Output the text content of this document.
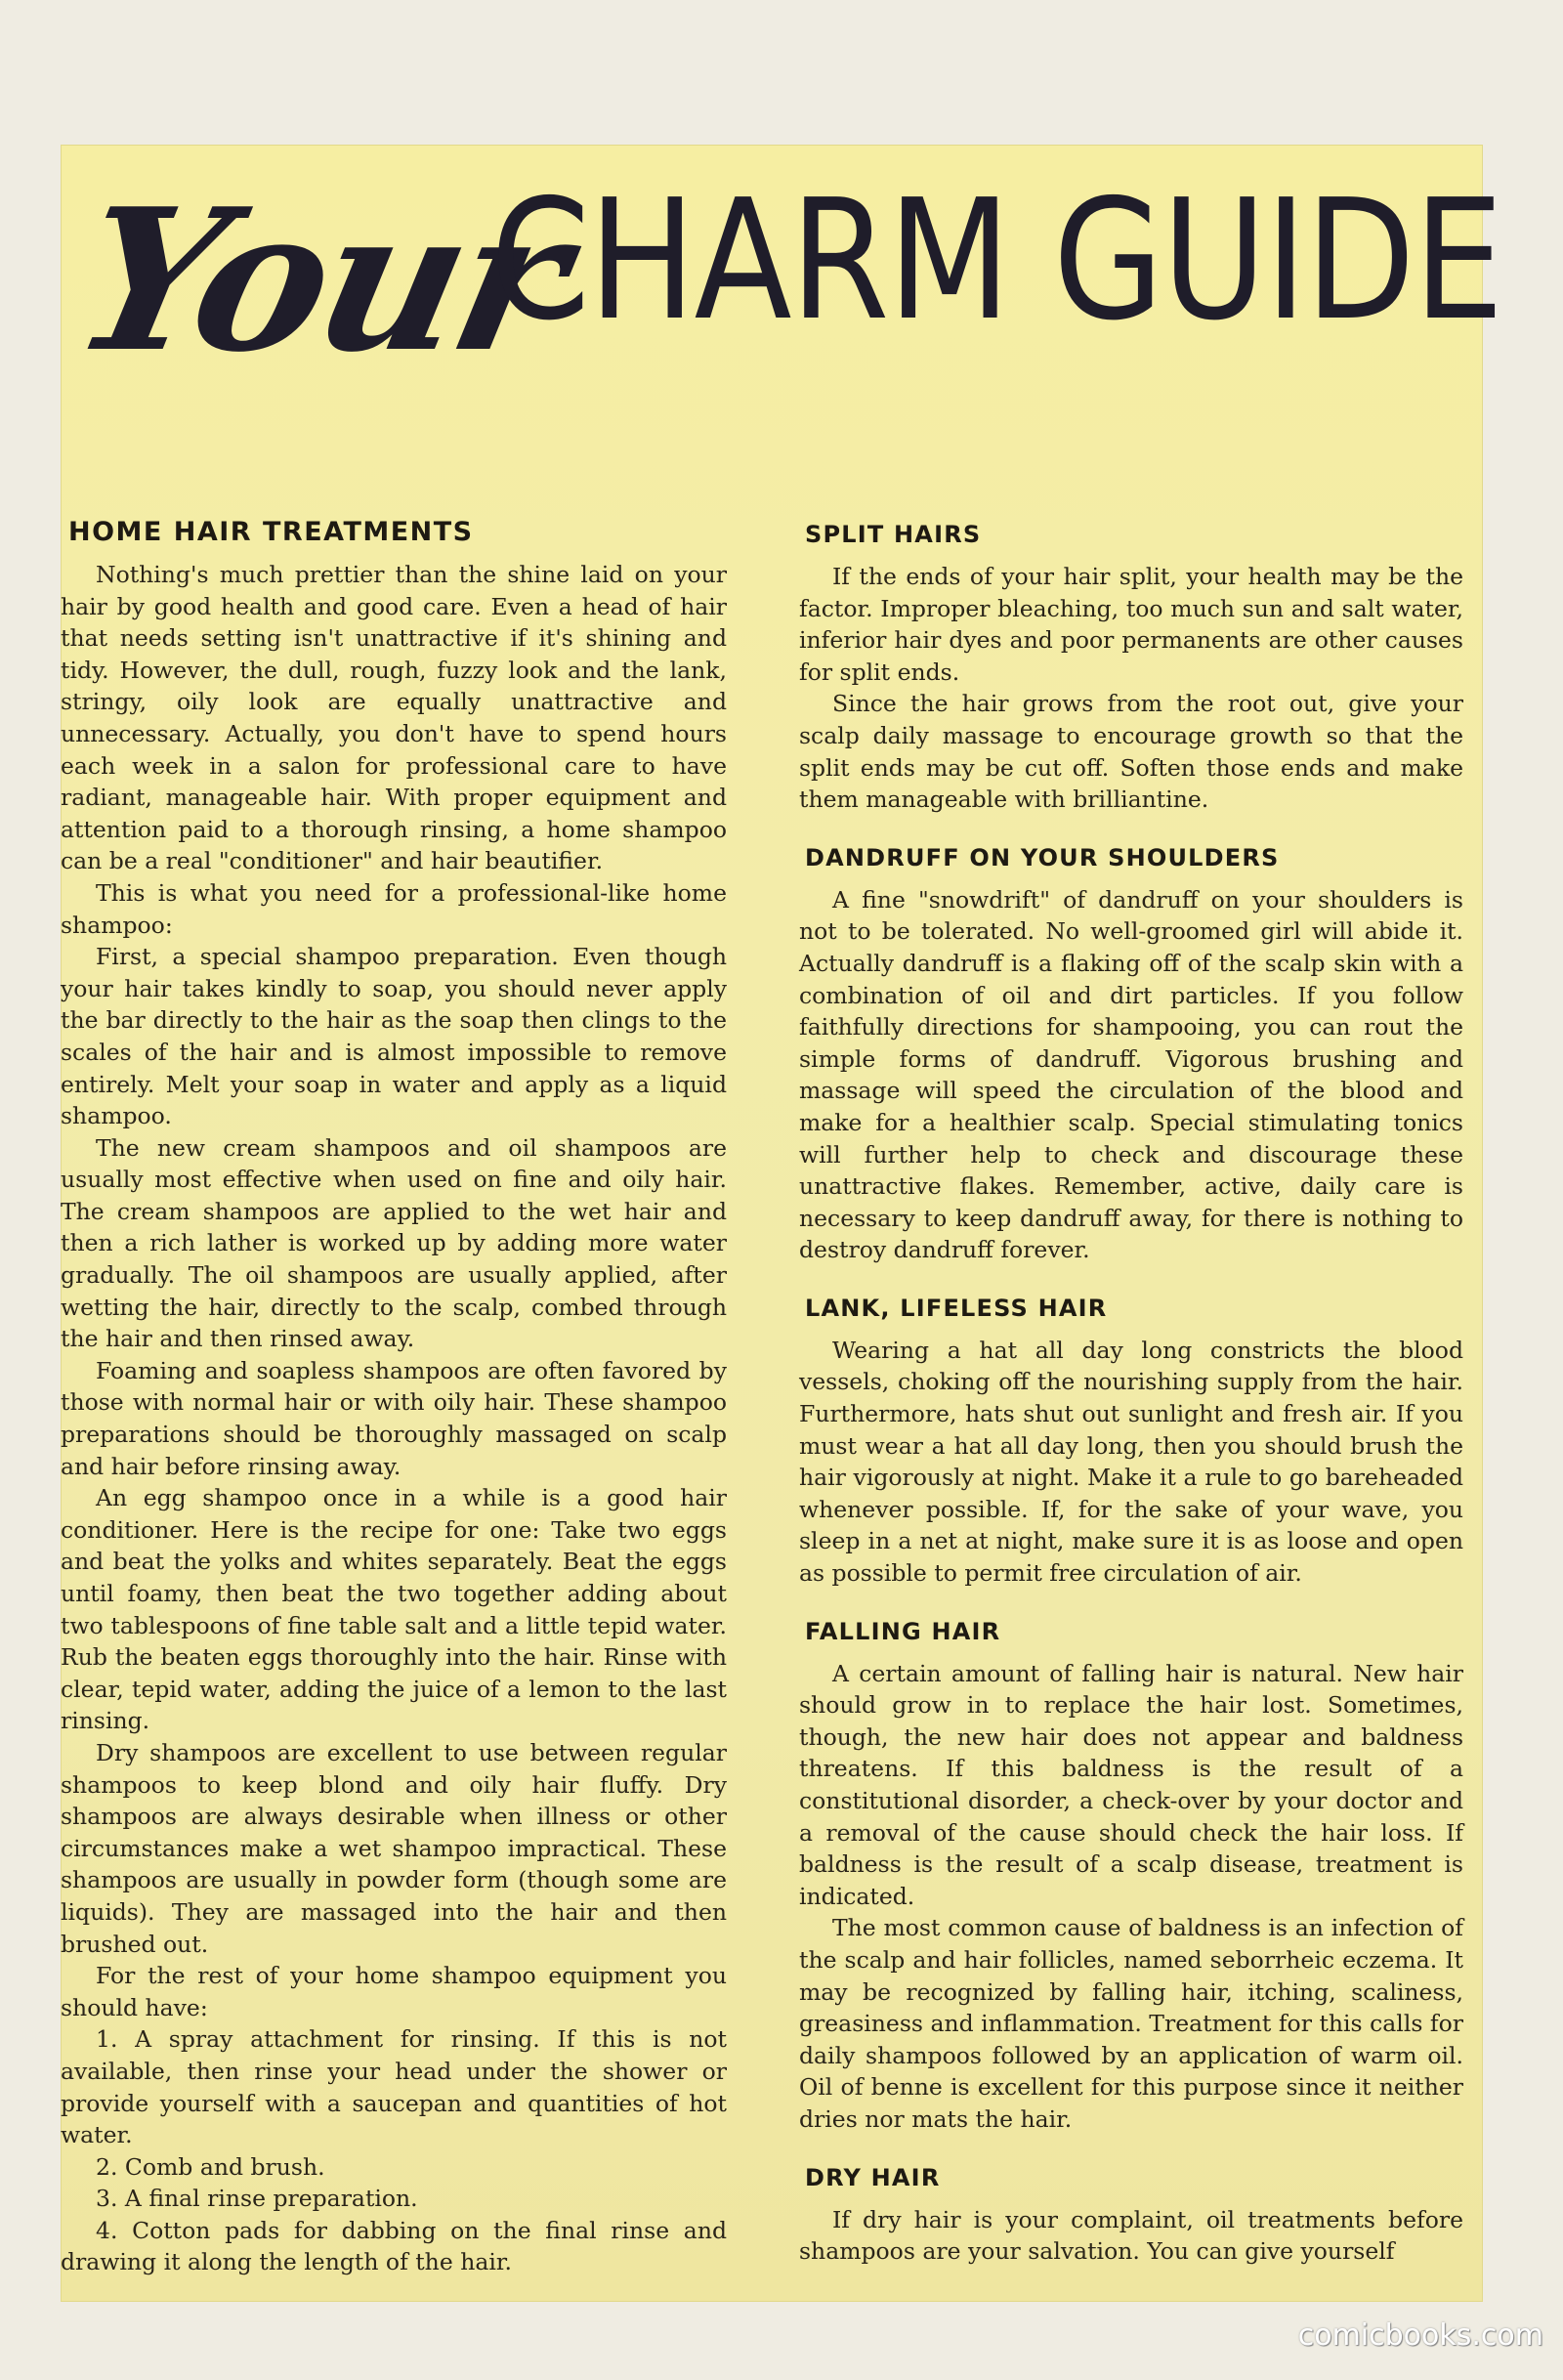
Your
CHARM GUIDE
HOME HAIR TREATMENTS

Nothing's much prettier than the shine laid on your hair by good health and good care. Even a head of hair that needs setting isn't unattractive if it's shining and tidy. However, the dull, rough, fuzzy look and the lank, stringy, oily look are equally unattractive and unnecessary. Actually, you don't have to spend hours each week in a salon for professional care to have radiant, manageable hair. With proper equipment and attention paid to a thorough rinsing, a home shampoo can be a real "conditioner" and hair beautifier.

This is what you need for a professional-like home shampoo:

First, a special shampoo preparation. Even though your hair takes kindly to soap, you should never apply the bar directly to the hair as the soap then clings to the scales of the hair and is almost impossible to remove entirely. Melt your soap in water and apply as a liquid shampoo.

The new cream shampoos and oil shampoos are usually most effective when used on fine and oily hair. The cream shampoos are applied to the wet hair and then a rich lather is worked up by adding more water gradually. The oil shampoos are usually applied, after wetting the hair, directly to the scalp, combed through the hair and then rinsed away.

Foaming and soapless shampoos are often favored by those with normal hair or with oily hair. These shampoo preparations should be thoroughly massaged on scalp and hair before rinsing away.

An egg shampoo once in a while is a good hair conditioner. Here is the recipe for one: Take two eggs and beat the yolks and whites separately. Beat the eggs until foamy, then beat the two together adding about two tablespoons of fine table salt and a little tepid water. Rub the beaten eggs thoroughly into the hair. Rinse with clear, tepid water, adding the juice of a lemon to the last rinsing.

Dry shampoos are excellent to use between regular shampoos to keep blond and oily hair fluffy. Dry shampoos are always desirable when illness or other circumstances make a wet shampoo impractical. These shampoos are usually in powder form (though some are liquids). They are massaged into the hair and then brushed out.

For the rest of your home shampoo equipment you should have:

1. A spray attachment for rinsing. If this is not available, then rinse your head under the shower or provide yourself with a saucepan and quantities of hot water.

2. Comb and brush.

3. A final rinse preparation.

4. Cotton pads for dabbing on the final rinse and drawing it along the length of the hair.

SPLIT HAIRS

If the ends of your hair split, your health may be the factor. Improper bleaching, too much sun and salt water, inferior hair dyes and poor permanents are other causes for split ends.

Since the hair grows from the root out, give your scalp daily massage to encourage growth so that the split ends may be cut off. Soften those ends and make them manageable with brilliantine.

DANDRUFF ON YOUR SHOULDERS

A fine "snowdrift" of dandruff on your shoulders is not to be tolerated. No well-groomed girl will abide it. Actually dandruff is a flaking off of the scalp skin with a combination of oil and dirt particles. If you follow faithfully directions for shampooing, you can rout the simple forms of dandruff. Vigorous brushing and massage will speed the circulation of the blood and make for a healthier scalp. Special stimulating tonics will further help to check and discourage these unattractive flakes. Remember, active, daily care is necessary to keep dandruff away, for there is nothing to destroy dandruff forever.

LANK, LIFELESS HAIR

Wearing a hat all day long constricts the blood vessels, choking off the nourishing supply from the hair. Furthermore, hats shut out sunlight and fresh air. If you must wear a hat all day long, then you should brush the hair vigorously at night. Make it a rule to go bareheaded whenever possible. If, for the sake of your wave, you sleep in a net at night, make sure it is as loose and open as possible to permit free circulation of air.

FALLING HAIR

A certain amount of falling hair is natural. New hair should grow in to replace the hair lost. Sometimes, though, the new hair does not appear and baldness threatens. If this baldness is the result of a constitutional disorder, a check-over by your doctor and a removal of the cause should check the hair loss. If baldness is the result of a scalp disease, treatment is indicated.

The most common cause of baldness is an infection of the scalp and hair follicles, named seborrheic eczema. It may be recognized by falling hair, itching, scaliness, greasiness and inflammation. Treatment for this calls for daily shampoos followed by an application of warm oil. Oil of benne is excellent for this purpose since it neither dries nor mats the hair.

DRY HAIR

If dry hair is your complaint, oil treatments before shampoos are your salvation. You can give yourself

comicbooks.com
